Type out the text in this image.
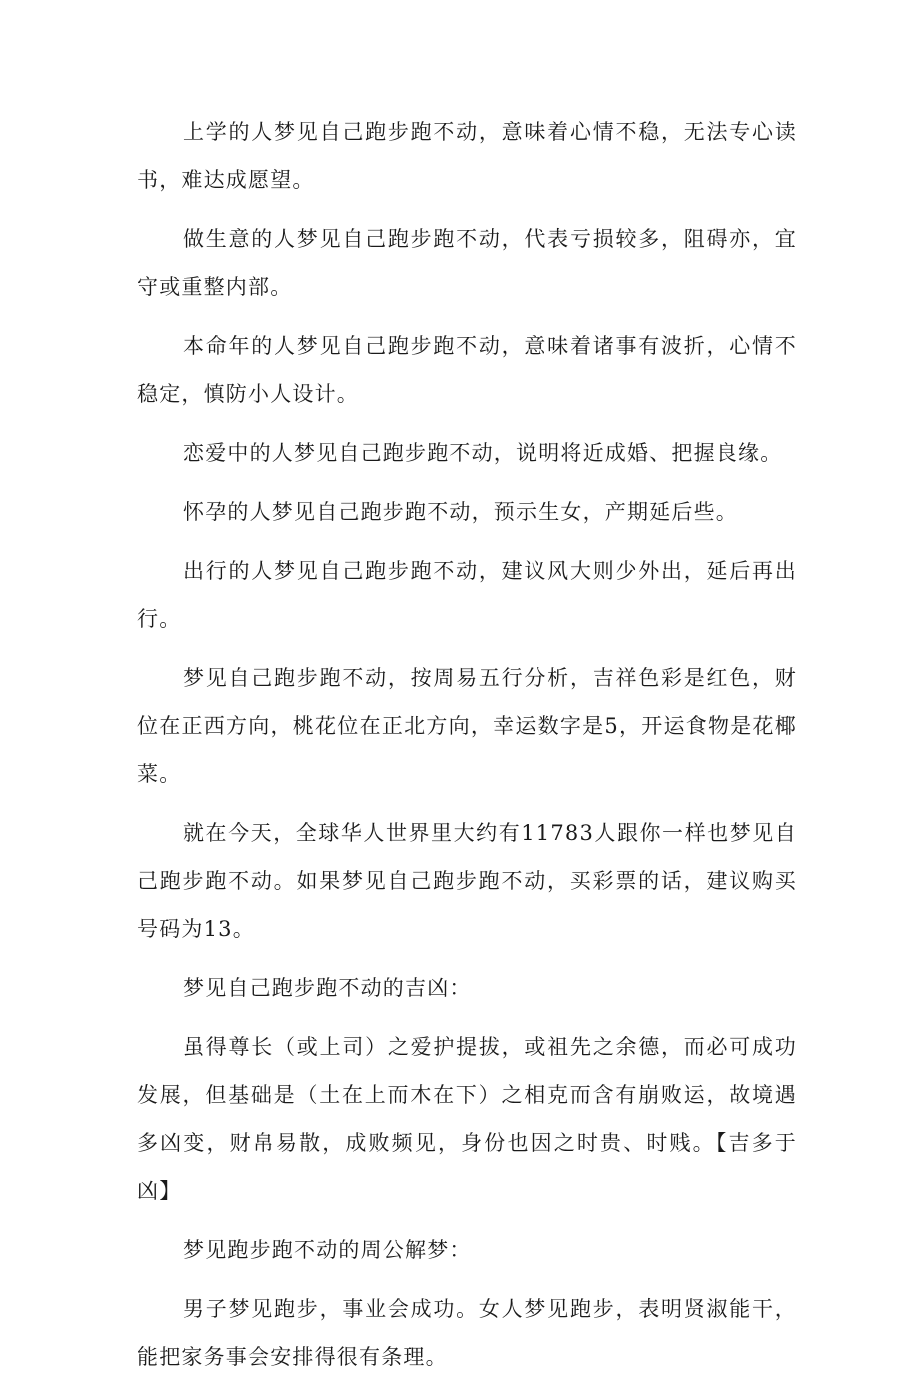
上学的人梦见自己跑步跑不动，意味着心情不稳，无法专心读书，难达成愿望。

做生意的人梦见自己跑步跑不动，代表亏损较多，阻碍亦，宜守或重整内部。

本命年的人梦见自己跑步跑不动，意味着诸事有波折，心情不稳定，慎防小人设计。

恋爱中的人梦见自己跑步跑不动，说明将近成婚、把握良缘。

怀孕的人梦见自己跑步跑不动，预示生女，产期延后些。

出行的人梦见自己跑步跑不动，建议风大则少外出，延后再出行。

梦见自己跑步跑不动，按周易五行分析，吉祥色彩是红色，财位在正西方向，桃花位在正北方向，幸运数字是5，开运食物是花椰菜。

就在今天，全球华人世界里大约有11783人跟你一样也梦见自己跑步跑不动。如果梦见自己跑步跑不动，买彩票的话，建议购买号码为13。

梦见自己跑步跑不动的吉凶：

虽得尊长（或上司）之爱护提拔，或祖先之余德，而必可成功发展，但基础是（土在上而木在下）之相克而含有崩败运，故境遇多凶变，财帛易散，成败频见，身份也因之时贵、时贱。【吉多于凶】

梦见跑步跑不动的周公解梦：

男子梦见跑步，事业会成功。女人梦见跑步，表明贤淑能干，能把家务事会安排得很有条理。
